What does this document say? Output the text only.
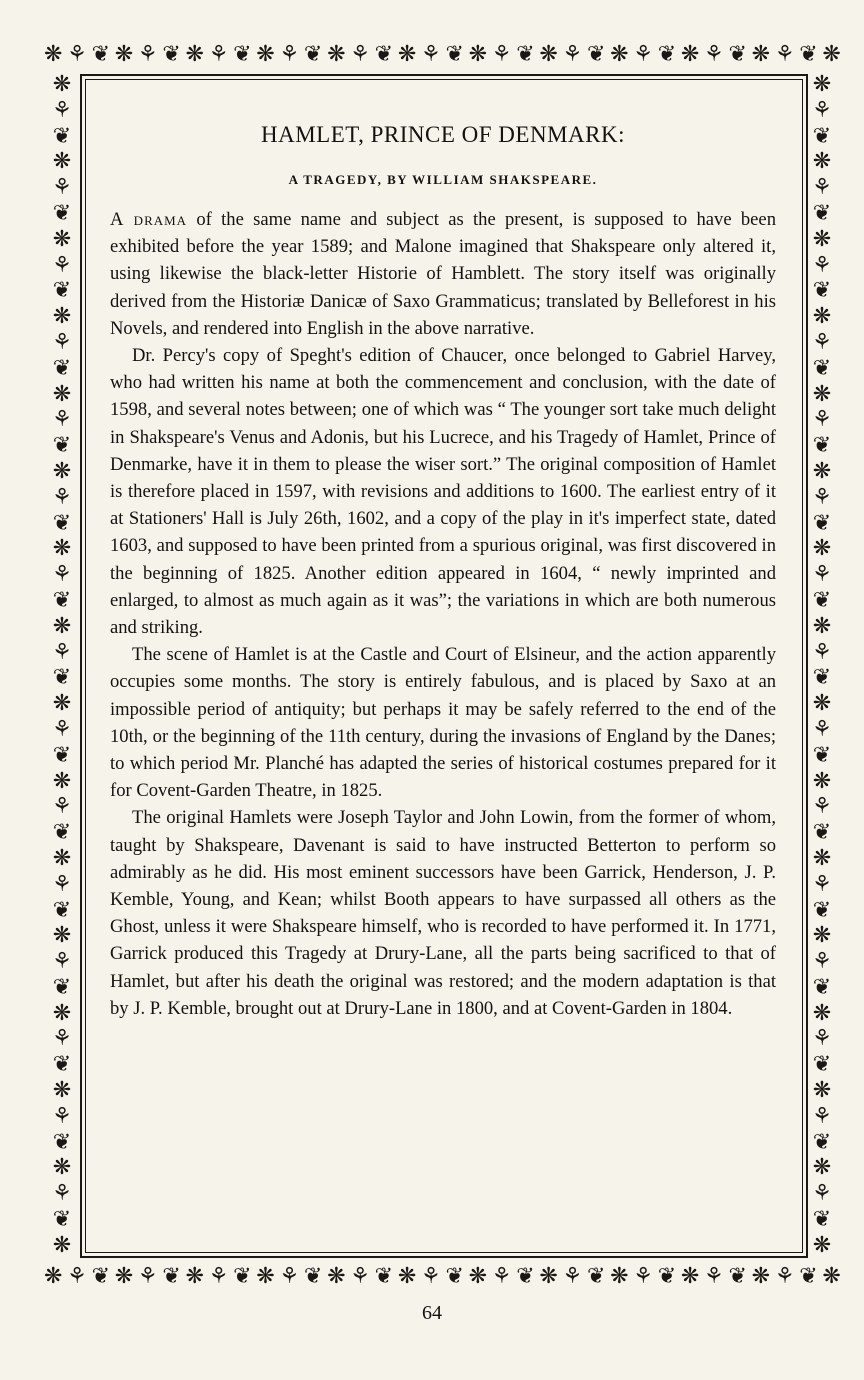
❋ ⚘ ❦ ❋ ⚘ ❦ ❋ ⚘ ❦ ❋ ⚘ ❦ ❋ ⚘ ❦ ❋ ⚘ ❦ ❋ ⚘ ❦ ❋ ⚘ ❦ ❋ ⚘ ❦ ❋ ⚘ ❦ ❋ ⚘ ❦ ❋
❋
⚘
❦
❋
⚘
❦
❋
⚘
❦
❋
⚘
❦
❋
⚘
❦
❋
⚘
❦
❋
⚘
❦
❋
⚘
❦
❋
⚘
❦
❋
⚘
❦
❋
⚘
❦
❋
⚘
❦
❋
⚘
❦
❋
⚘
❦
❋
⚘
❦
❋
❋
⚘
❦
❋
⚘
❦
❋
⚘
❦
❋
⚘
❦
❋
⚘
❦
❋
⚘
❦
❋
⚘
❦
❋
⚘
❦
❋
⚘
❦
❋
⚘
❦
❋
⚘
❦
❋
⚘
❦
❋
⚘
❦
❋
⚘
❦
❋
⚘
❦
❋
❋ ⚘ ❦ ❋ ⚘ ❦ ❋ ⚘ ❦ ❋ ⚘ ❦ ❋ ⚘ ❦ ❋ ⚘ ❦ ❋ ⚘ ❦ ❋ ⚘ ❦ ❋ ⚘ ❦ ❋ ⚘ ❦ ❋ ⚘ ❦ ❋
HAMLET, PRINCE OF DENMARK:
A TRAGEDY, BY WILLIAM SHAKSPEARE.

A drama of the same name and subject as the present, is supposed to have been exhibited before the year 1589; and Malone imagined that Shakspeare only altered it, using likewise the black-letter Historie of Hamblett. The story itself was originally derived from the Historiæ Danicæ of Saxo Grammaticus; translated by Belleforest in his Novels, and rendered into English in the above narrative.

Dr. Percy's copy of Speght's edition of Chaucer, once belonged to Gabriel Harvey, who had written his name at both the commencement and conclusion, with the date of 1598, and several notes between; one of which was “ The younger sort take much delight in Shakspeare's Venus and Adonis, but his Lucrece, and his Tragedy of Hamlet, Prince of Denmarke, have it in them to please the wiser sort.” The original composition of Hamlet is therefore placed in 1597, with revisions and additions to 1600. The earliest entry of it at Stationers' Hall is July 26th, 1602, and a copy of the play in it's imperfect state, dated 1603, and supposed to have been printed from a spurious original, was first discovered in the beginning of 1825. Another edition appeared in 1604, “ newly imprinted and enlarged, to almost as much again as it was”; the variations in which are both numerous and striking.

The scene of Hamlet is at the Castle and Court of Elsineur, and the action apparently occupies some months. The story is entirely fabulous, and is placed by Saxo at an impossible period of antiquity; but perhaps it may be safely referred to the end of the 10th, or the beginning of the 11th century, during the invasions of England by the Danes; to which period Mr. Planché has adapted the series of historical costumes prepared for it for Covent-Garden Theatre, in 1825.

The original Hamlets were Joseph Taylor and John Lowin, from the former of whom, taught by Shakspeare, Davenant is said to have instructed Betterton to perform so admirably as he did. His most eminent successors have been Garrick, Henderson, J. P. Kemble, Young, and Kean; whilst Booth appears to have surpassed all others as the Ghost, unless it were Shakspeare himself, who is recorded to have performed it. In 1771, Garrick produced this Tragedy at Drury-Lane, all the parts being sacrificed to that of Hamlet, but after his death the original was restored; and the modern adaptation is that by J. P. Kemble, brought out at Drury-Lane in 1800, and at Covent-Garden in 1804.

64
